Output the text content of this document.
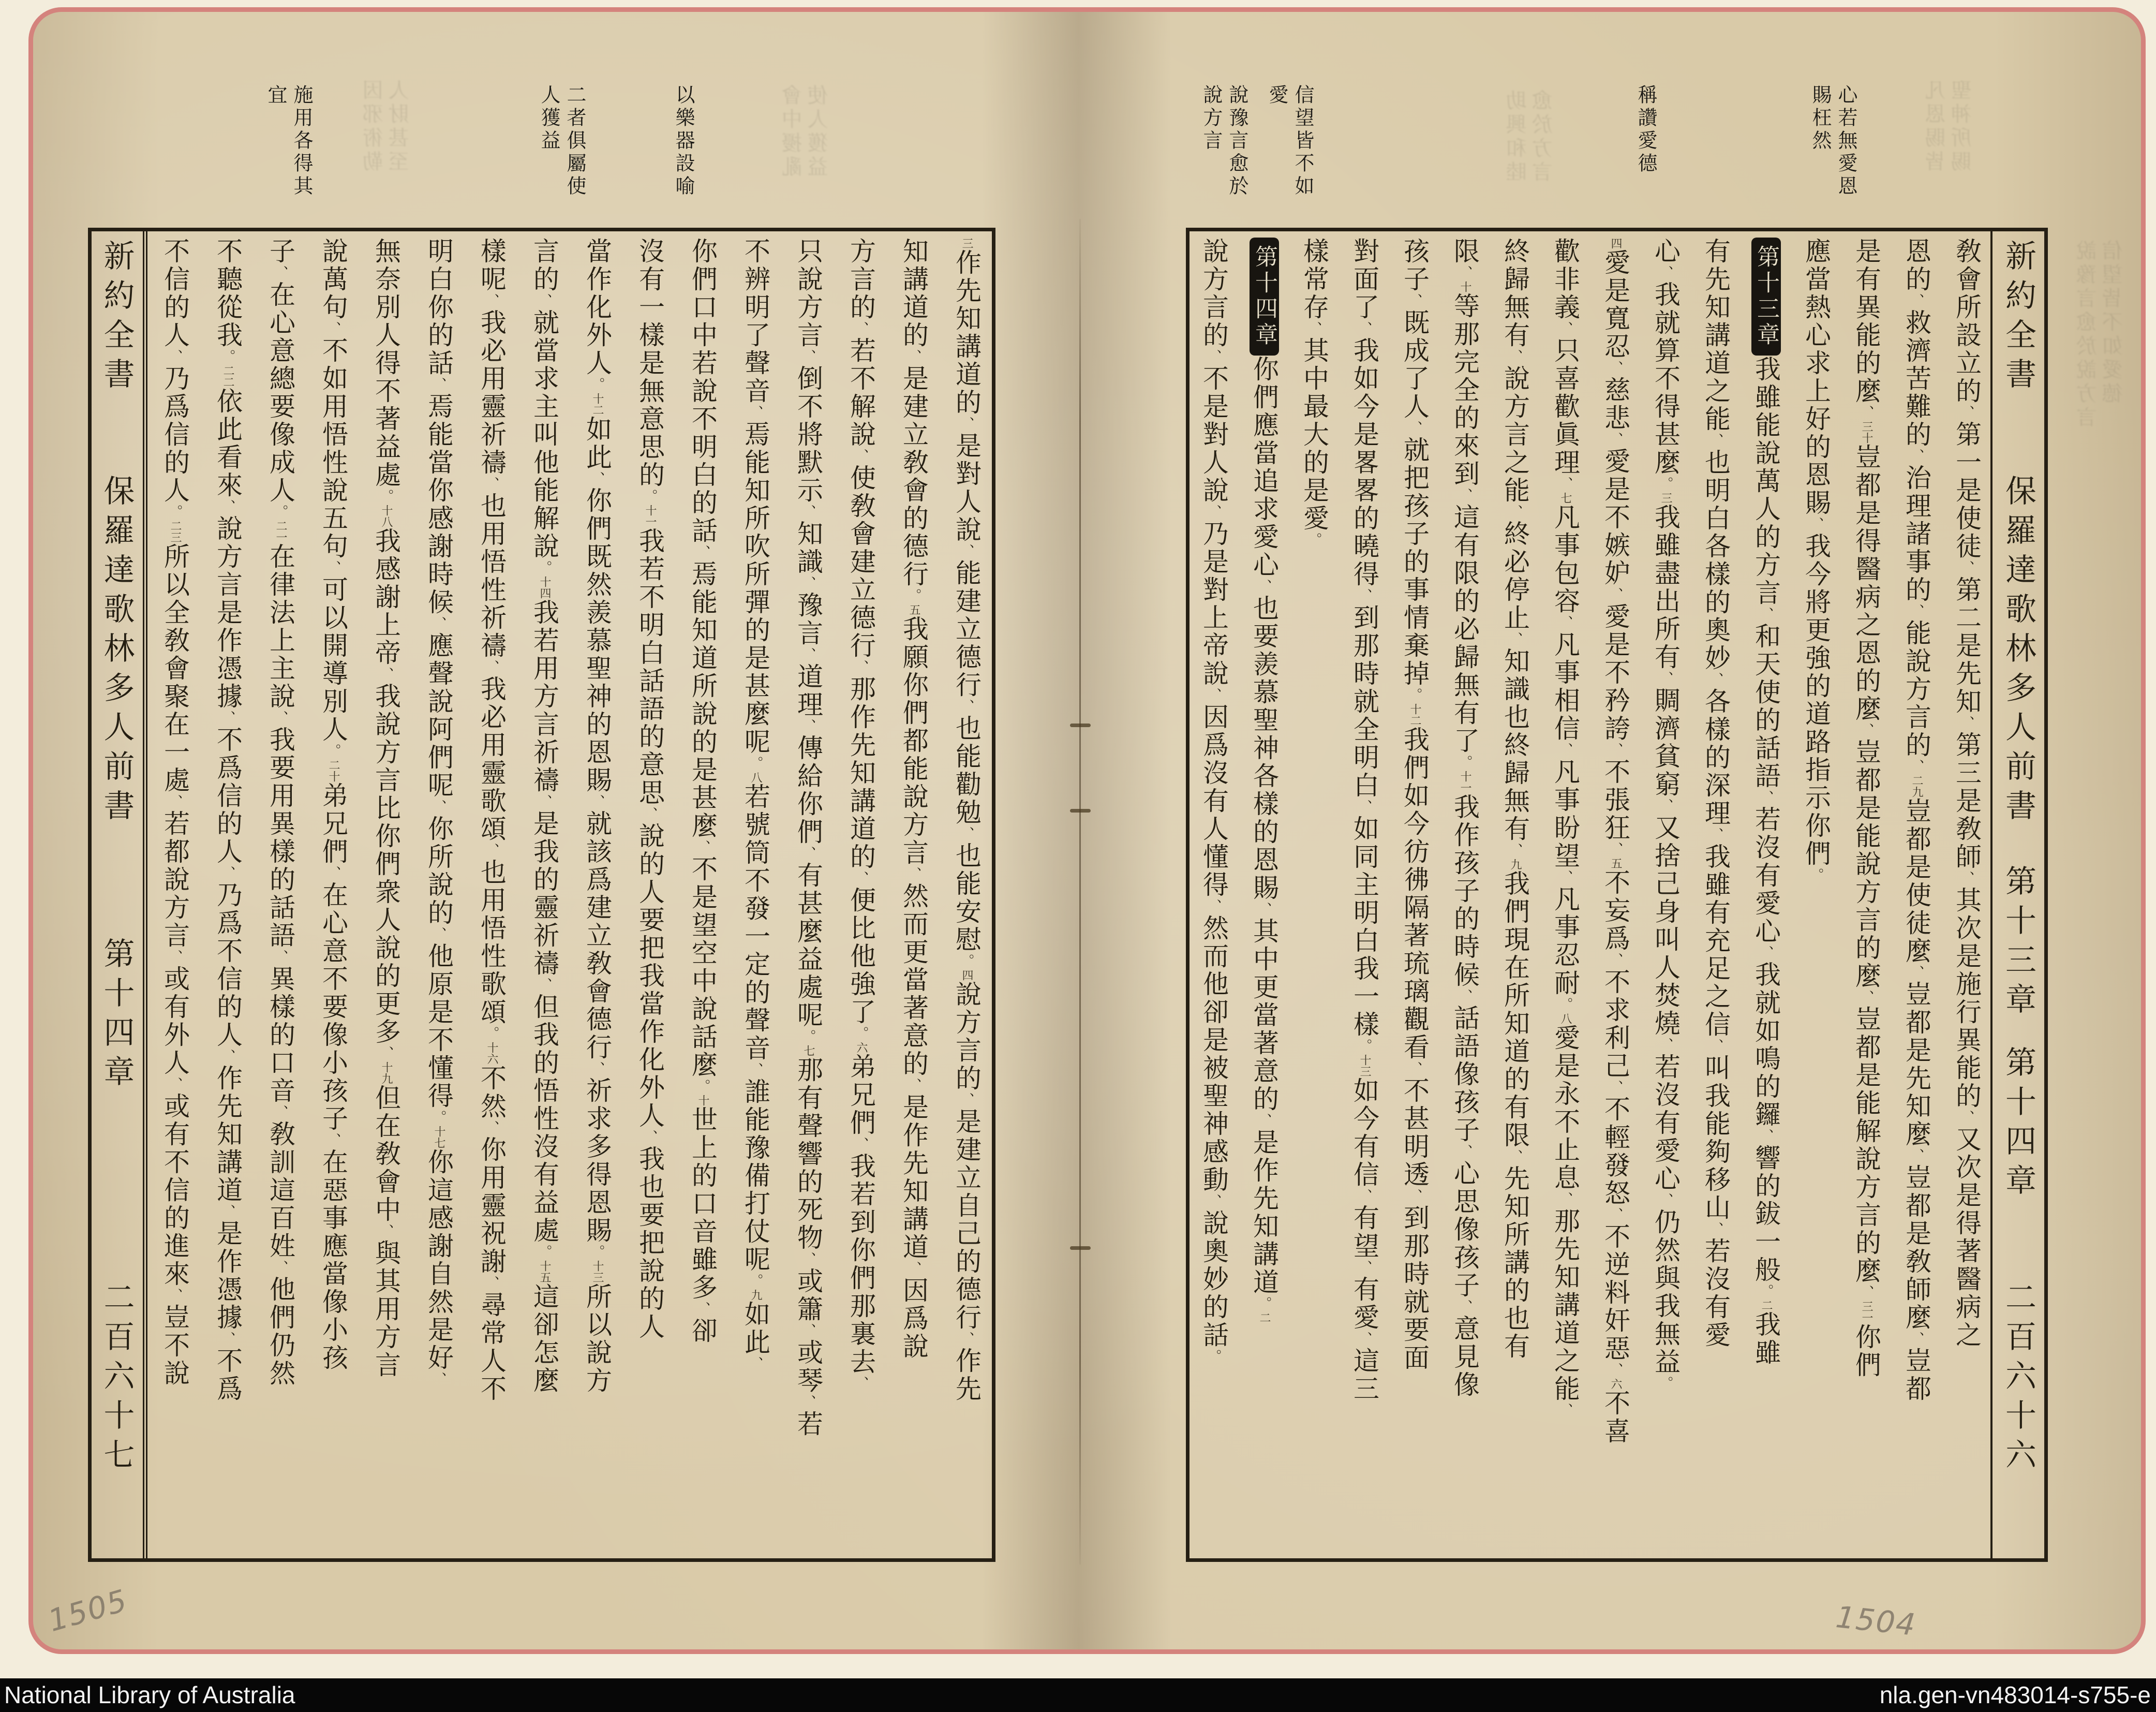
新約全書
保羅達歌林多人前書
第十四章
二百六十七
三作先知講道的、是對人說、能建立德行、也能勸勉、也能安慰。四說方言的、是建立自己的德行、作先
知講道的、是建立敎會的德行。五我願你們都能說方言、然而更當著意的、是作先知講道、因爲說
方言的、若不解說、使敎會建立德行、那作先知講道的、便比他強了。六弟兄們、我若到你們那裏去、
只說方言、倒不將默示、知識、豫言、道理、傳給你們、有甚麼益處呢。七那有聲響的死物、或簫、或琴、若
不辨明了聲音、焉能知所吹所彈的是甚麼呢。八若號筒不發一定的聲音、誰能豫備打仗呢。九如此、
你們口中若說不明白的話、焉能知道所說的是甚麼、不是望空中說話麼。十世上的口音雖多、卻
沒有一樣是無意思的。十一我若不明白話語的意思、說的人要把我當作化外人、我也要把說的人
當作化外人。十二如此、你們既然羨慕聖神的恩賜、就該爲建立敎會德行、祈求多得恩賜。十三所以說方
言的、就當求主叫他能解說。十四我若用方言祈禱、是我的靈祈禱、但我的悟性沒有益處。十五這卻怎麼
樣呢、我必用靈祈禱、也用悟性祈禱、我必用靈歌頌、也用悟性歌頌。十六不然、你用靈祝謝、尋常人不
明白你的話、焉能當你感謝時候、應聲說阿們呢、你所說的、他原是不懂得。十七你這感謝自然是好、
無奈別人得不著益處。十八我感謝上帝、我說方言比你們衆人說的更多、十九但在敎會中、與其用方言
說萬句、不如用悟性說五句、可以開導別人。二十弟兄們、在心意不要像小孩子、在惡事應當像小孩
子、在心意總要像成人。二一在律法上主說、我要用異樣的話語、異樣的口音、敎訓這百姓、他們仍然
不聽從我。二二依此看來、說方言是作憑據、不爲信的人、乃爲不信的人、作先知講道、是作憑據、不爲
不信的人、乃爲信的人。二三所以全敎會聚在一處、若都說方言、或有外人、或有不信的進來、豈不說
新約全書
保羅達歌林多人前書
第十三章
第十四章
二百六十六
敎會所設立的、第一是使徒、第二是先知、第三是敎師、其次是施行異能的、又次是得著醫病之
恩的、救濟苦難的、治理諸事的、能說方言的、二九豈都是使徒麼、豈都是先知麼、豈都是敎師麼、豈都
是有異能的麼、三十豈都是得醫病之恩的麼、豈都是能說方言的麼、豈都是能解說方言的麼、三一你們
應當熱心求上好的恩賜、我今將更強的道路指示你們。
第十三章我雖能說萬人的方言、和天使的話語、若沒有愛心、我就如鳴的鑼、響的鈸一般。二我雖
有先知講道之能、也明白各樣的奧妙、各樣的深理、我雖有充足之信、叫我能夠移山、若沒有愛
心、我就算不得甚麼。三我雖盡出所有、賙濟貧窮、又捨己身叫人焚燒、若沒有愛心、仍然與我無益。
四愛是寬忍、慈悲、愛是不嫉妒、愛是不矜誇、不張狂、五不妄爲、不求利己、不輕發怒、不逆料奸惡、六不喜
歡非義、只喜歡眞理、七凡事包容、凡事相信、凡事盼望、凡事忍耐。八愛是永不止息、那先知講道之能、
終歸無有、說方言之能、終必停止、知識也終歸無有、九我們現在所知道的有限、先知所講的也有
限、十等那完全的來到、這有限的必歸無有了。十一我作孩子的時候、話語像孩子、心思像孩子、意見像
孩子、既成了人、就把孩子的事情棄掉。十二我們如今彷彿隔著琉璃觀看、不甚明透、到那時就要面
對面了、我如今是畧畧的曉得、到那時就全明白、如同主明白我一樣。十三如今有信、有望、有愛、這三
樣常存、其中最大的是愛。
第十四章你們應當追求愛心、也要羨慕聖神各樣的恩賜、其中更當著意的、是作先知講道。二
說方言的、不是對人說、乃是對上帝說、因爲沒有人懂得、然而他卻是被聖神感動、說奧妙的話。
心若無愛恩
賜枉然
稱讚愛德
信望皆不如
愛
說豫言愈於
說方言
以樂器設喻
二者俱屬使
人獲益
施用各得其
宜	因邪術勒 人財甚至	會中擾亂 使人獲益	助興和睦 愈於方言	凡恩賜皆 聖神所賜
說豫言愈於說方言 信望皆不如愛德
1505	1504
National Library of Australia	nla.gen-vn483014-s755-e
